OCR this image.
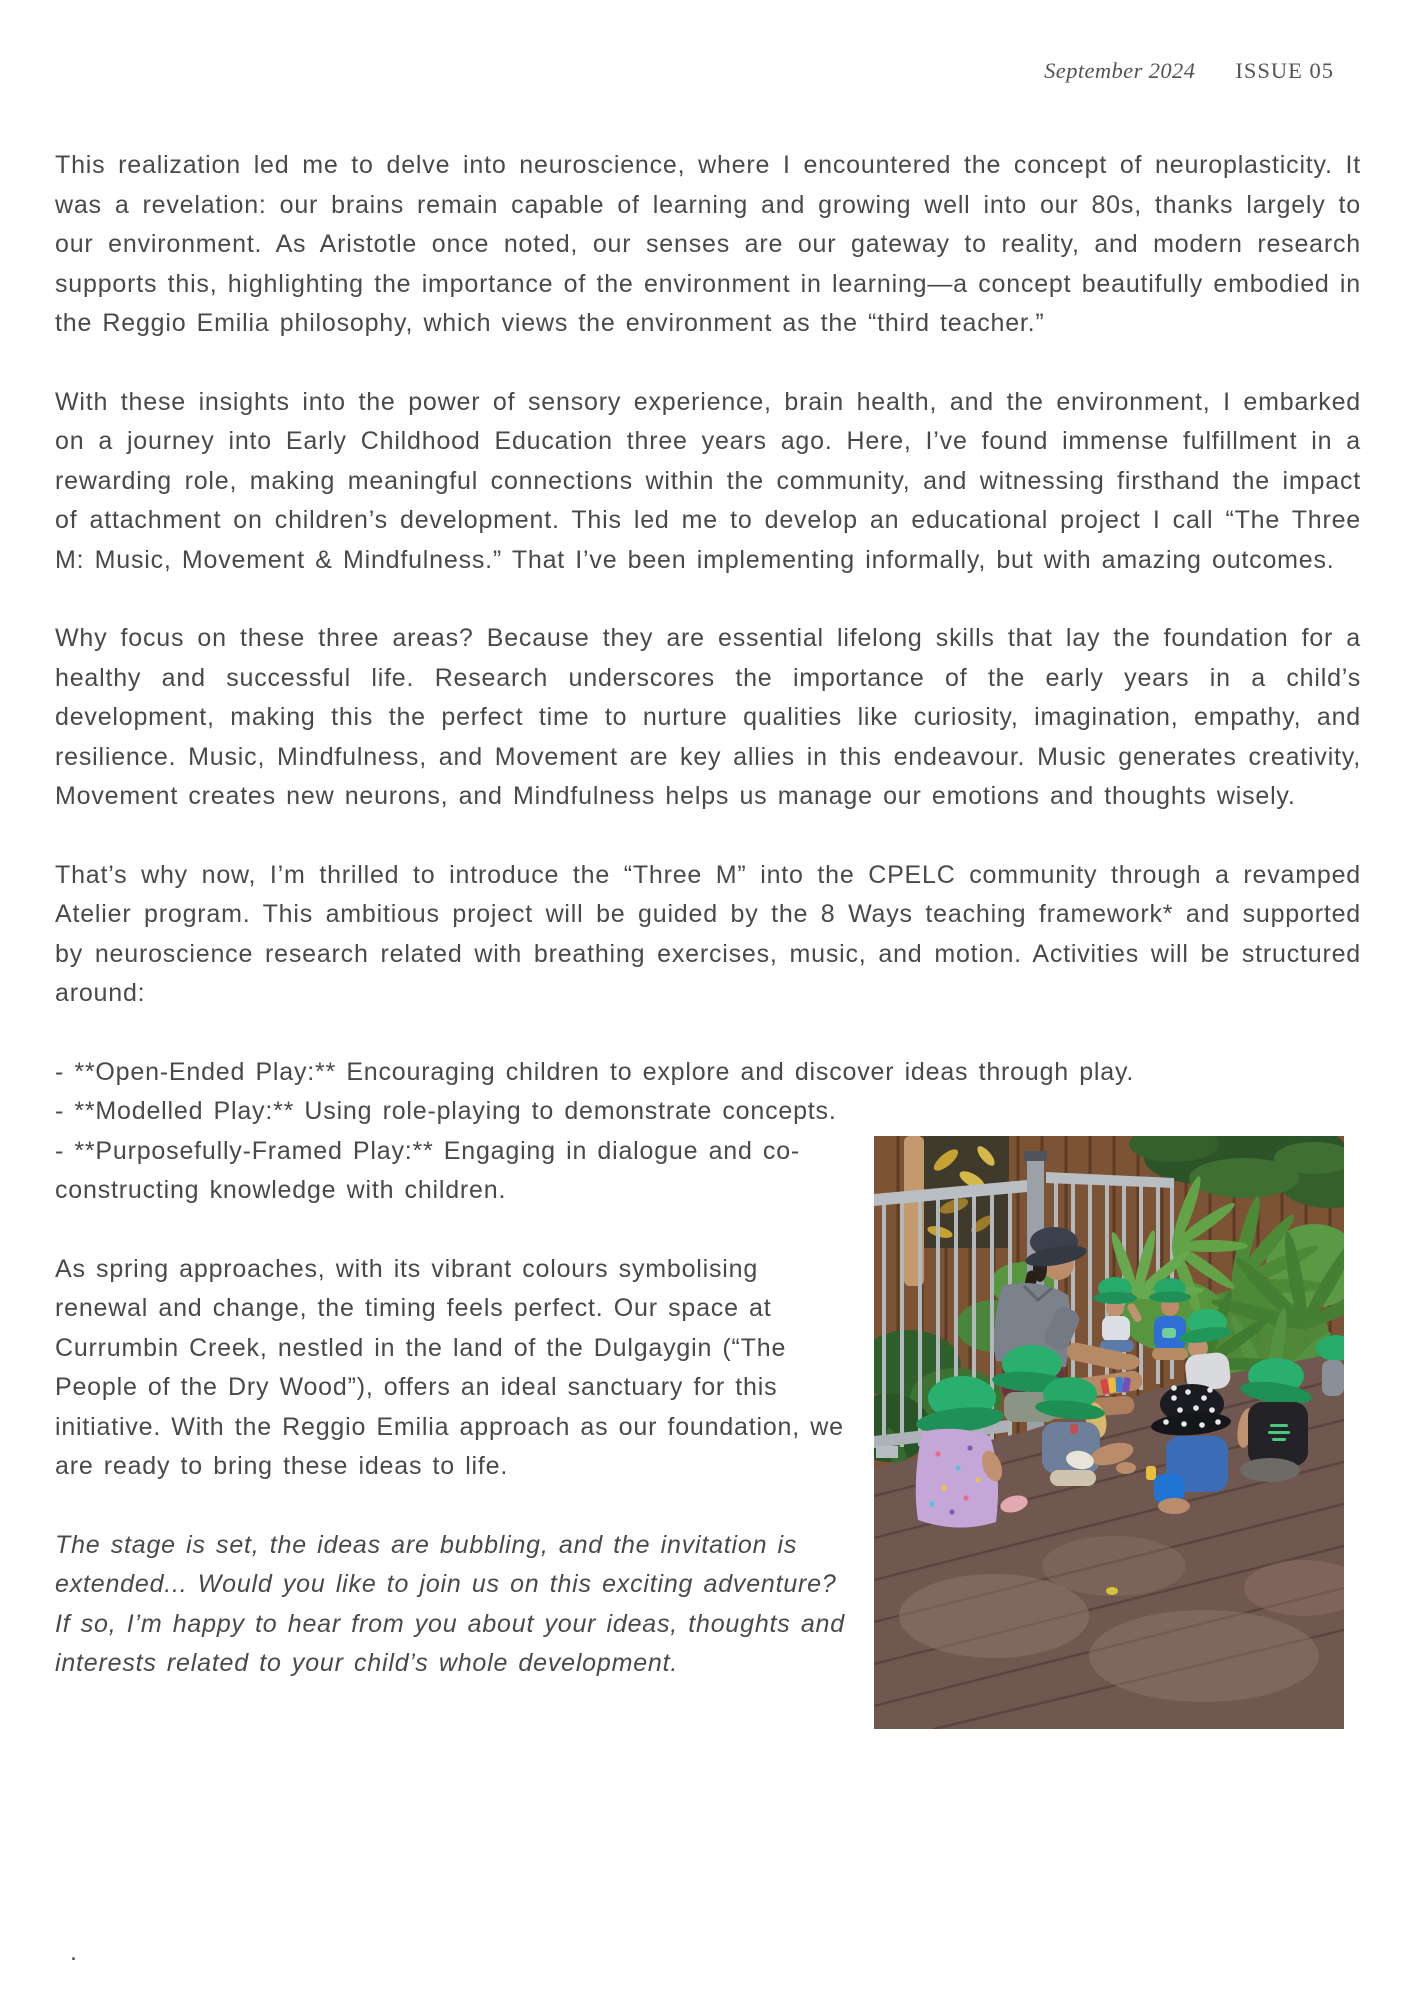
September 2024 ISSUE 05

This realization led me to delve into neuroscience, where I encountered the concept of neuroplasticity. It was a revelation: our brains remain capable of learning and growing well into our 80s, thanks largely to our environment. As Aristotle once noted, our senses are our gateway to reality, and modern research supports this, highlighting the importance of the environment in learning—a concept beautifully embodied in the Reggio Emilia philosophy, which views the environment as the “third teacher.”

With these insights into the power of sensory experience, brain health, and the environment, I embarked on a journey into Early Childhood Education three years ago. Here, I’ve found immense fulfillment in a rewarding role, making meaningful connections within the community, and witnessing firsthand the impact of attachment on children’s development. This led me to develop an educational project I call “The Three M: Music, Movement & Mindfulness.” That I’ve been implementing informally, but with amazing outcomes.

Why focus on these three areas? Because they are essential lifelong skills that lay the foundation for a healthy and successful life. Research underscores the importance of the early years in a child’s development, making this the perfect time to nurture qualities like curiosity, imagination, empathy, and resilience. Music, Mindfulness, and Movement are key allies in this endeavour. Music generates creativity, Movement creates new neurons, and Mindfulness helps us manage our emotions and thoughts wisely.

That’s why now, I’m thrilled to introduce the “Three M” into the CPELC community through a revamped Atelier program. This ambitious project will be guided by the 8 Ways teaching framework* and supported by neuroscience research related with breathing exercises, music, and motion. Activities will be structured around:

- **Open-Ended Play:** Encouraging children to explore and discover ideas through play.

- **Modelled Play:** Using role-playing to demonstrate concepts.

- **Purposefully-Framed Play:** Engaging in dialogue and co-constructing knowledge with children.

As spring approaches, with its vibrant colours symbolising renewal and change, the timing feels perfect. Our space at Currumbin Creek, nestled in the land of the Dulgaygin (“The People of the Dry Wood”), offers an ideal sanctuary for this initiative. With the Reggio Emilia approach as our foundation, we are ready to bring these ideas to life.

The stage is set, the ideas are bubbling, and the invitation is extended... Would you like to join us on this exciting adventure? If so, I’m happy to hear from you about your ideas, thoughts and interests related to your child’s whole development.

.
